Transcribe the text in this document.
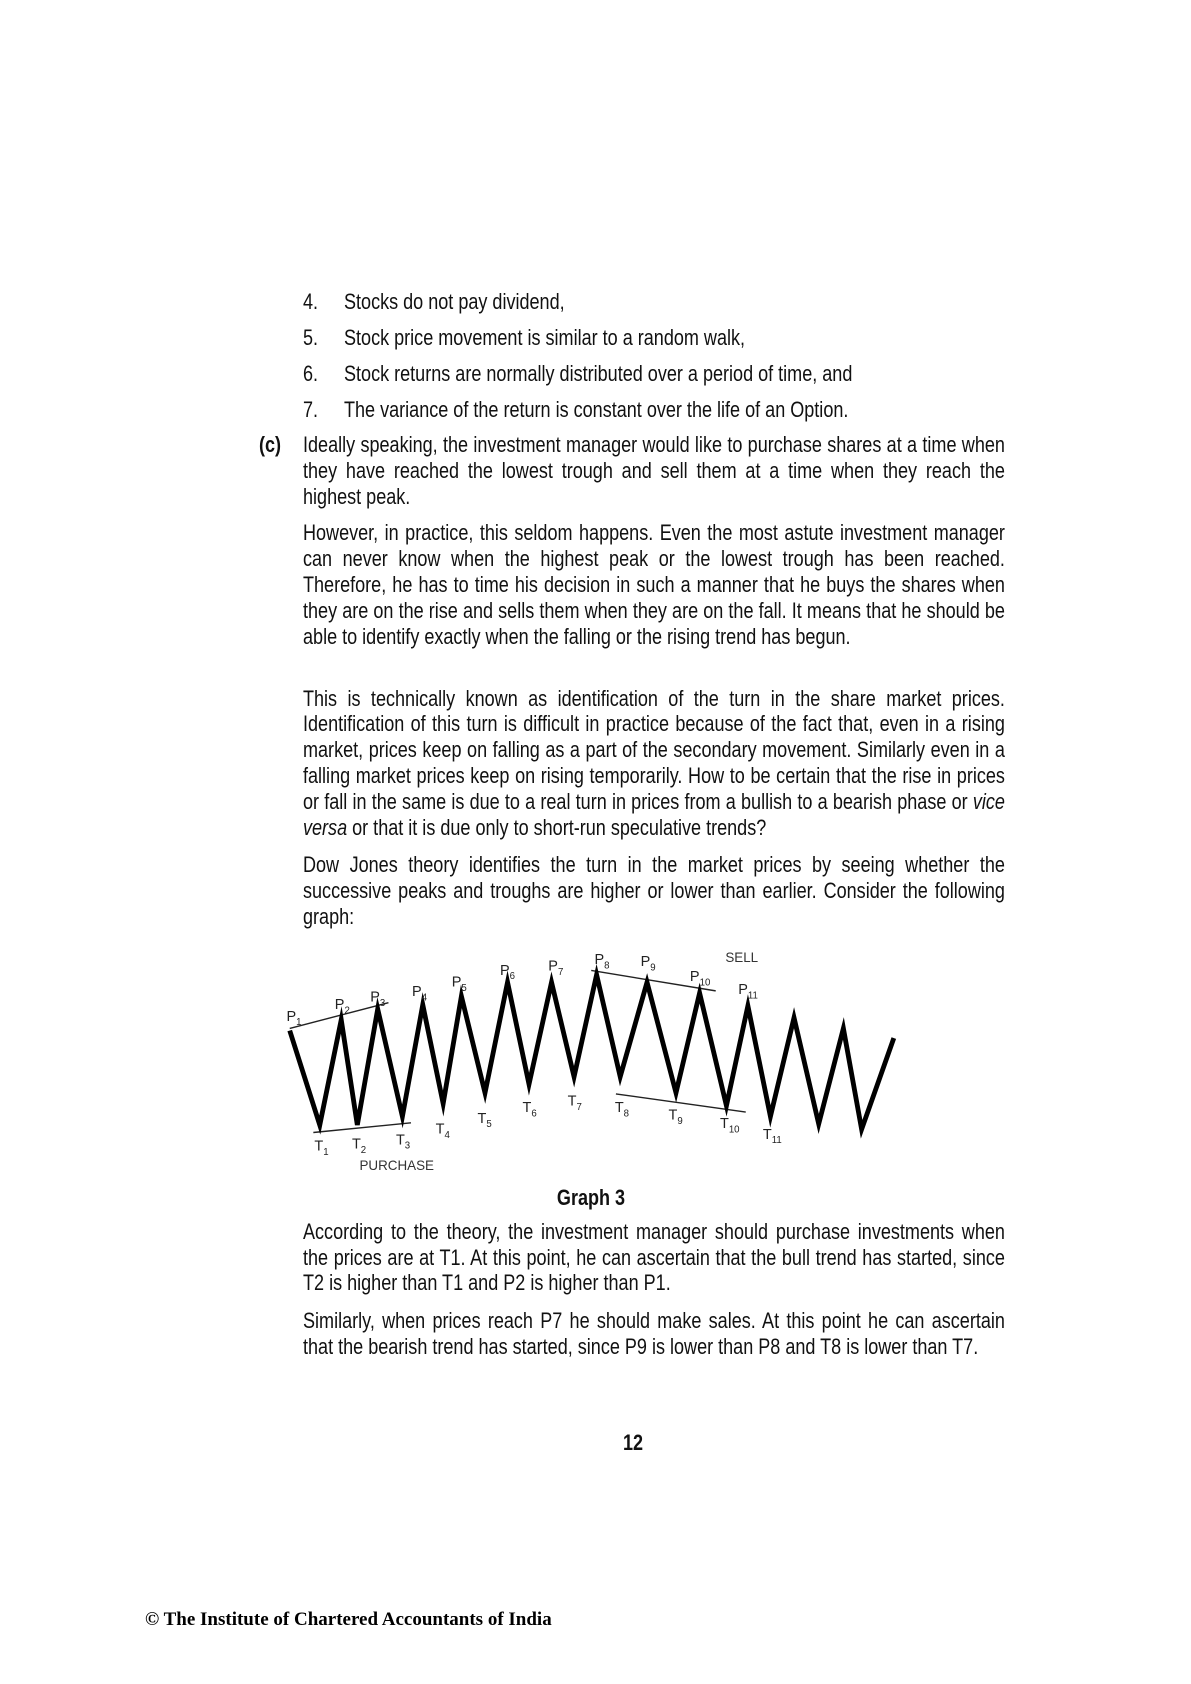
4. Stocks do not pay dividend,
5. Stock price movement is similar to a random walk,
6. Stock returns are normally distributed over a period of time, and
7. The variance of the return is constant over the life of an Option.
(c)	Ideally speaking, the investment manager would like to purchase shares at a time when they have reached the lowest trough and sell them at a time when they reach the highest peak.

However, in practice, this seldom happens. Even the most astute investment manager can never know when the highest peak or the lowest trough has been reached. Therefore, he has to time his decision in such a manner that he buys the shares when they are on the rise and sells them when they are on the fall. It means that he should be able to identify exactly when the falling or the rising trend has begun.

This is technically known as identification of the turn in the share market prices. Identification of this turn is difficult in practice because of the fact that, even in a rising market, prices keep on falling as a part of the secondary movement. Similarly even in a falling market prices keep on rising temporarily. How to be certain that the rise in prices or fall in the same is due to a real turn in prices from a bullish to a bearish phase or vice versa or that it is due only to short-run speculative trends?

Dow Jones theory identifies the turn in the market prices by seeing whether the successive peaks and troughs are higher or lower than earlier. Consider the following graph:

$P_1$
$P_2$
$P_3$
$P_4$
$P_5$
$P_6$
$P_7$
$P_8$ $P_9$
$P_{10}$ $P_{11}$
$T_1$ $T_2$
$T_3$
$T_4$
$T_5$
$T_6$
$T_7$ $T_8$	$T_9$	$T_{10}$ $T_{11}$
SELL
PURCHASE
Graph 3

According to the theory, the investment manager should purchase investments when the prices are at T1. At this point, he can ascertain that the bull trend has started, since T2 is higher than T1 and P2 is higher than P1.

Similarly, when prices reach P7 he should make sales. At this point he can ascertain that the bearish trend has started, since P9 is lower than P8 and T8 is lower than T7.

12
© The Institute of Chartered Accountants of India
